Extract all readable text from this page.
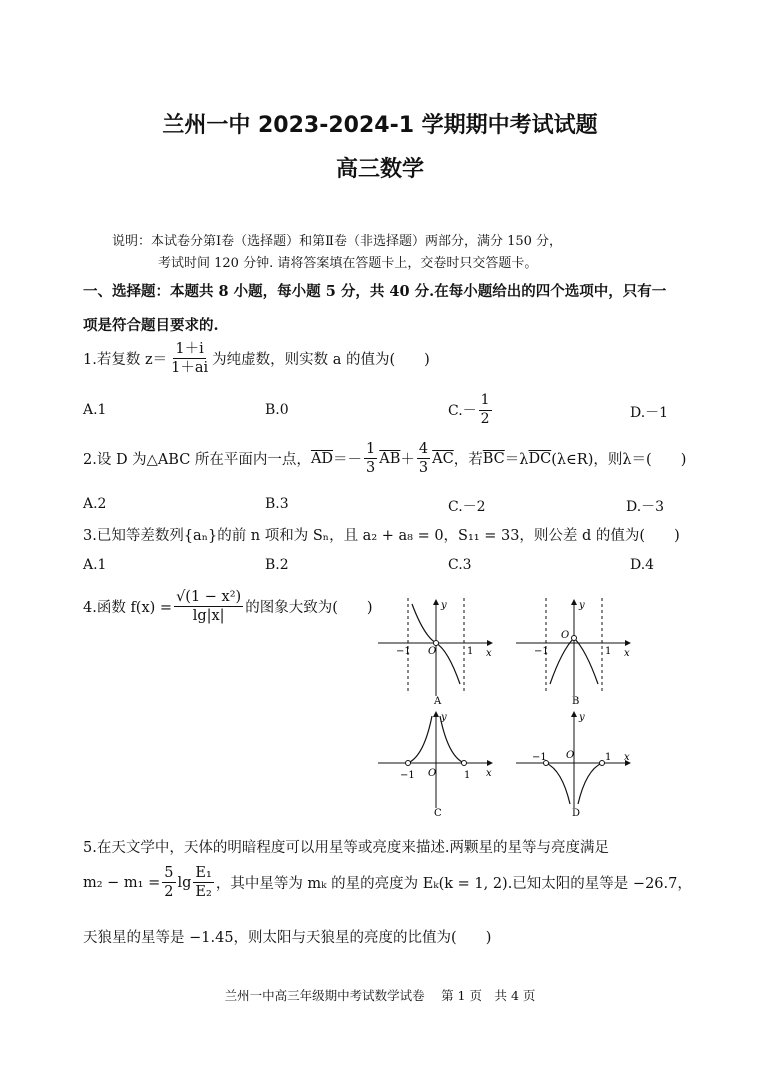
兰州一中 2023-2024-1 学期期中考试试题
高三数学
说明：本试卷分第Ⅰ卷（选择题）和第Ⅱ卷（非选择题）两部分，满分 150 分，
考试时间 120 分钟. 请将答案填在答题卡上，交卷时只交答题卡。
一、选择题：本题共 8 小题，每小题 5 分，共 40 分.在每小题给出的四个选项中，只有一
项是符合题目要求的.
1.若复数 $z= \frac{1+i}{1+ai}$ 为纯虚数，则实数 a 的值为(　　)
A.1	B.0	$C.- \frac{1}{2}$	D.－1
2.设 D 为△ABC 所在平面内一点， $\overline{AD} =- \frac{1}{3} \overline{AB} + \frac{4}{3} \overline{AC}$ ，若 $\overline{BC} =\lambda$ $\overline{DC}$ (λ∈R)，则λ＝(　　)
A.2	B.3	C.－2	D.－3
3.已知等差数列{aₙ}的前 n 项和为 Sₙ，且 a₂ + a₈ = 0，S₁₁ = 33，则公差 d 的值为(　　)
A.1	B.2	C.3	D.4
4.函数 $f(x) = \frac{\text{√(1 − x²)}}{\lg|x|}$ 的图象大致为(　　)	y
x
O
−1	1
A
y
x
O
−1	1
B
y
x
O
−1	1
C
y
x
O
−1	1
D
5.在天文学中，天体的明暗程度可以用星等或亮度来描述.两颗星的星等与亮度满足
$m_2 - m_1 = \frac{5}{2}$ $\lg \frac{\text{E₁}}{\text{E₂}}$ ，其中星等为 mₖ 的星的亮度为 Eₖ(k = 1, 2).已知太阳的星等是 −26.7，
天狼星的星等是 −1.45，则太阳与天狼星的亮度的比值为(　　)
兰州一中高三年级期中考试数学试卷　 第 1 页　共 4 页
